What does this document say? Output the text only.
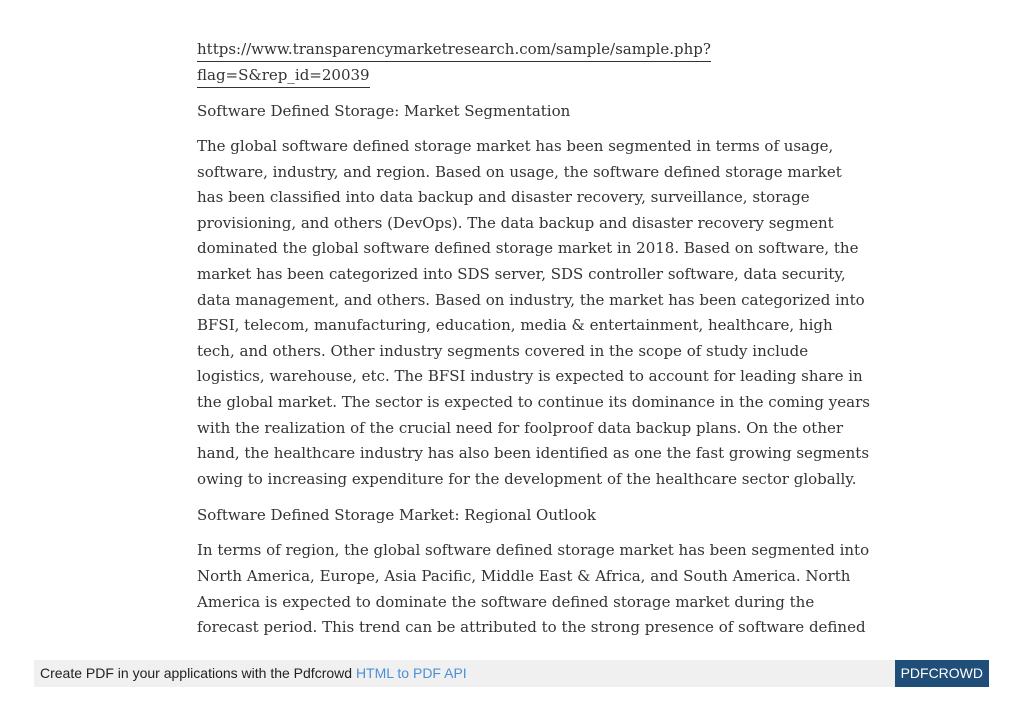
https://www.transparencymarketresearch.com/sample/sample.php?
flag=S&rep_id=20039
Software Defined Storage: Market Segmentation
The global software defined storage market has been segmented in terms of usage,
software, industry, and region. Based on usage, the software defined storage market
has been classified into data backup and disaster recovery, surveillance, storage
provisioning, and others (DevOps). The data backup and disaster recovery segment
dominated the global software defined storage market in 2018. Based on software, the
market has been categorized into SDS server, SDS controller software, data security,
data management, and others. Based on industry, the market has been categorized into
BFSI, telecom, manufacturing, education, media & entertainment, healthcare, high
tech, and others. Other industry segments covered in the scope of study include
logistics, warehouse, etc. The BFSI industry is expected to account for leading share in
the global market. The sector is expected to continue its dominance in the coming years
with the realization of the crucial need for foolproof data backup plans. On the other
hand, the healthcare industry has also been identified as one the fast growing segments
owing to increasing expenditure for the development of the healthcare sector globally.
Software Defined Storage Market: Regional Outlook
In terms of region, the global software defined storage market has been segmented into
North America, Europe, Asia Pacific, Middle East & Africa, and South America. North
America is expected to dominate the software defined storage market during the
forecast period. This trend can be attributed to the strong presence of software defined
Create PDF in your applications with the Pdfcrowd HTML to PDF API	PDFCROWD
